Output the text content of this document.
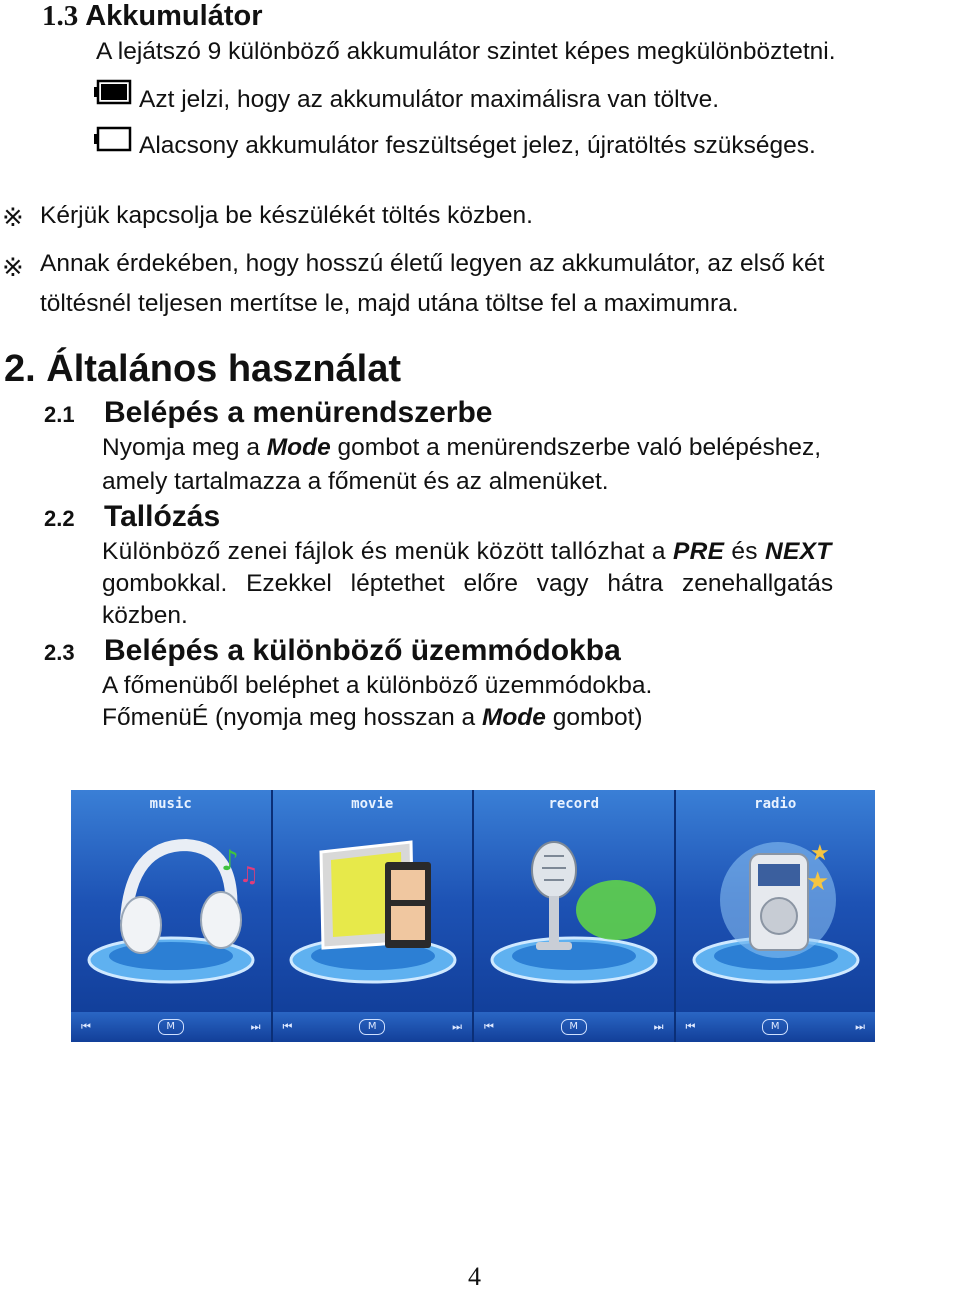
1.3 Akkumulátor
A lejátszó 9 különböző akkumulátor szintet képes megkülönböztetni.
Azt jelzi, hogy az akkumulátor maximálisra van töltve.
Alacsony akkumulátor feszültséget jelez, újratöltés szükséges.
※ Kérjük kapcsolja be készülékét töltés közben.
※ Annak érdekében, hogy hosszú életű legyen az akkumulátor, az első két
töltésnél teljesen mertítse le, majd utána töltse fel a maximumra.
2. Általános használat
2.1 Belépés a menürendszerbe
Nyomja meg a Mode gombot a menürendszerbe való belépéshez,
amely tartalmazza a főmenüt és az almenüket.
2.2 Tallózás
Különböző zenei fájlok és menük között tallózhat a PRE és NEXT
gombokkal. Ezekkel léptethet előre vagy hátra zenehallgatás
közben.
2.3 Belépés a különböző üzemmódokba
A főmenüből beléphet a különböző üzemmódokba.
FőmenüÉ (nyomja meg hosszan a Mode gombot)
music
♪ ♫
⏮	M	⏭
movie
⏮	M	⏭
record
⏮	M	⏭
radio
★
★
⏮	M	⏭
4
